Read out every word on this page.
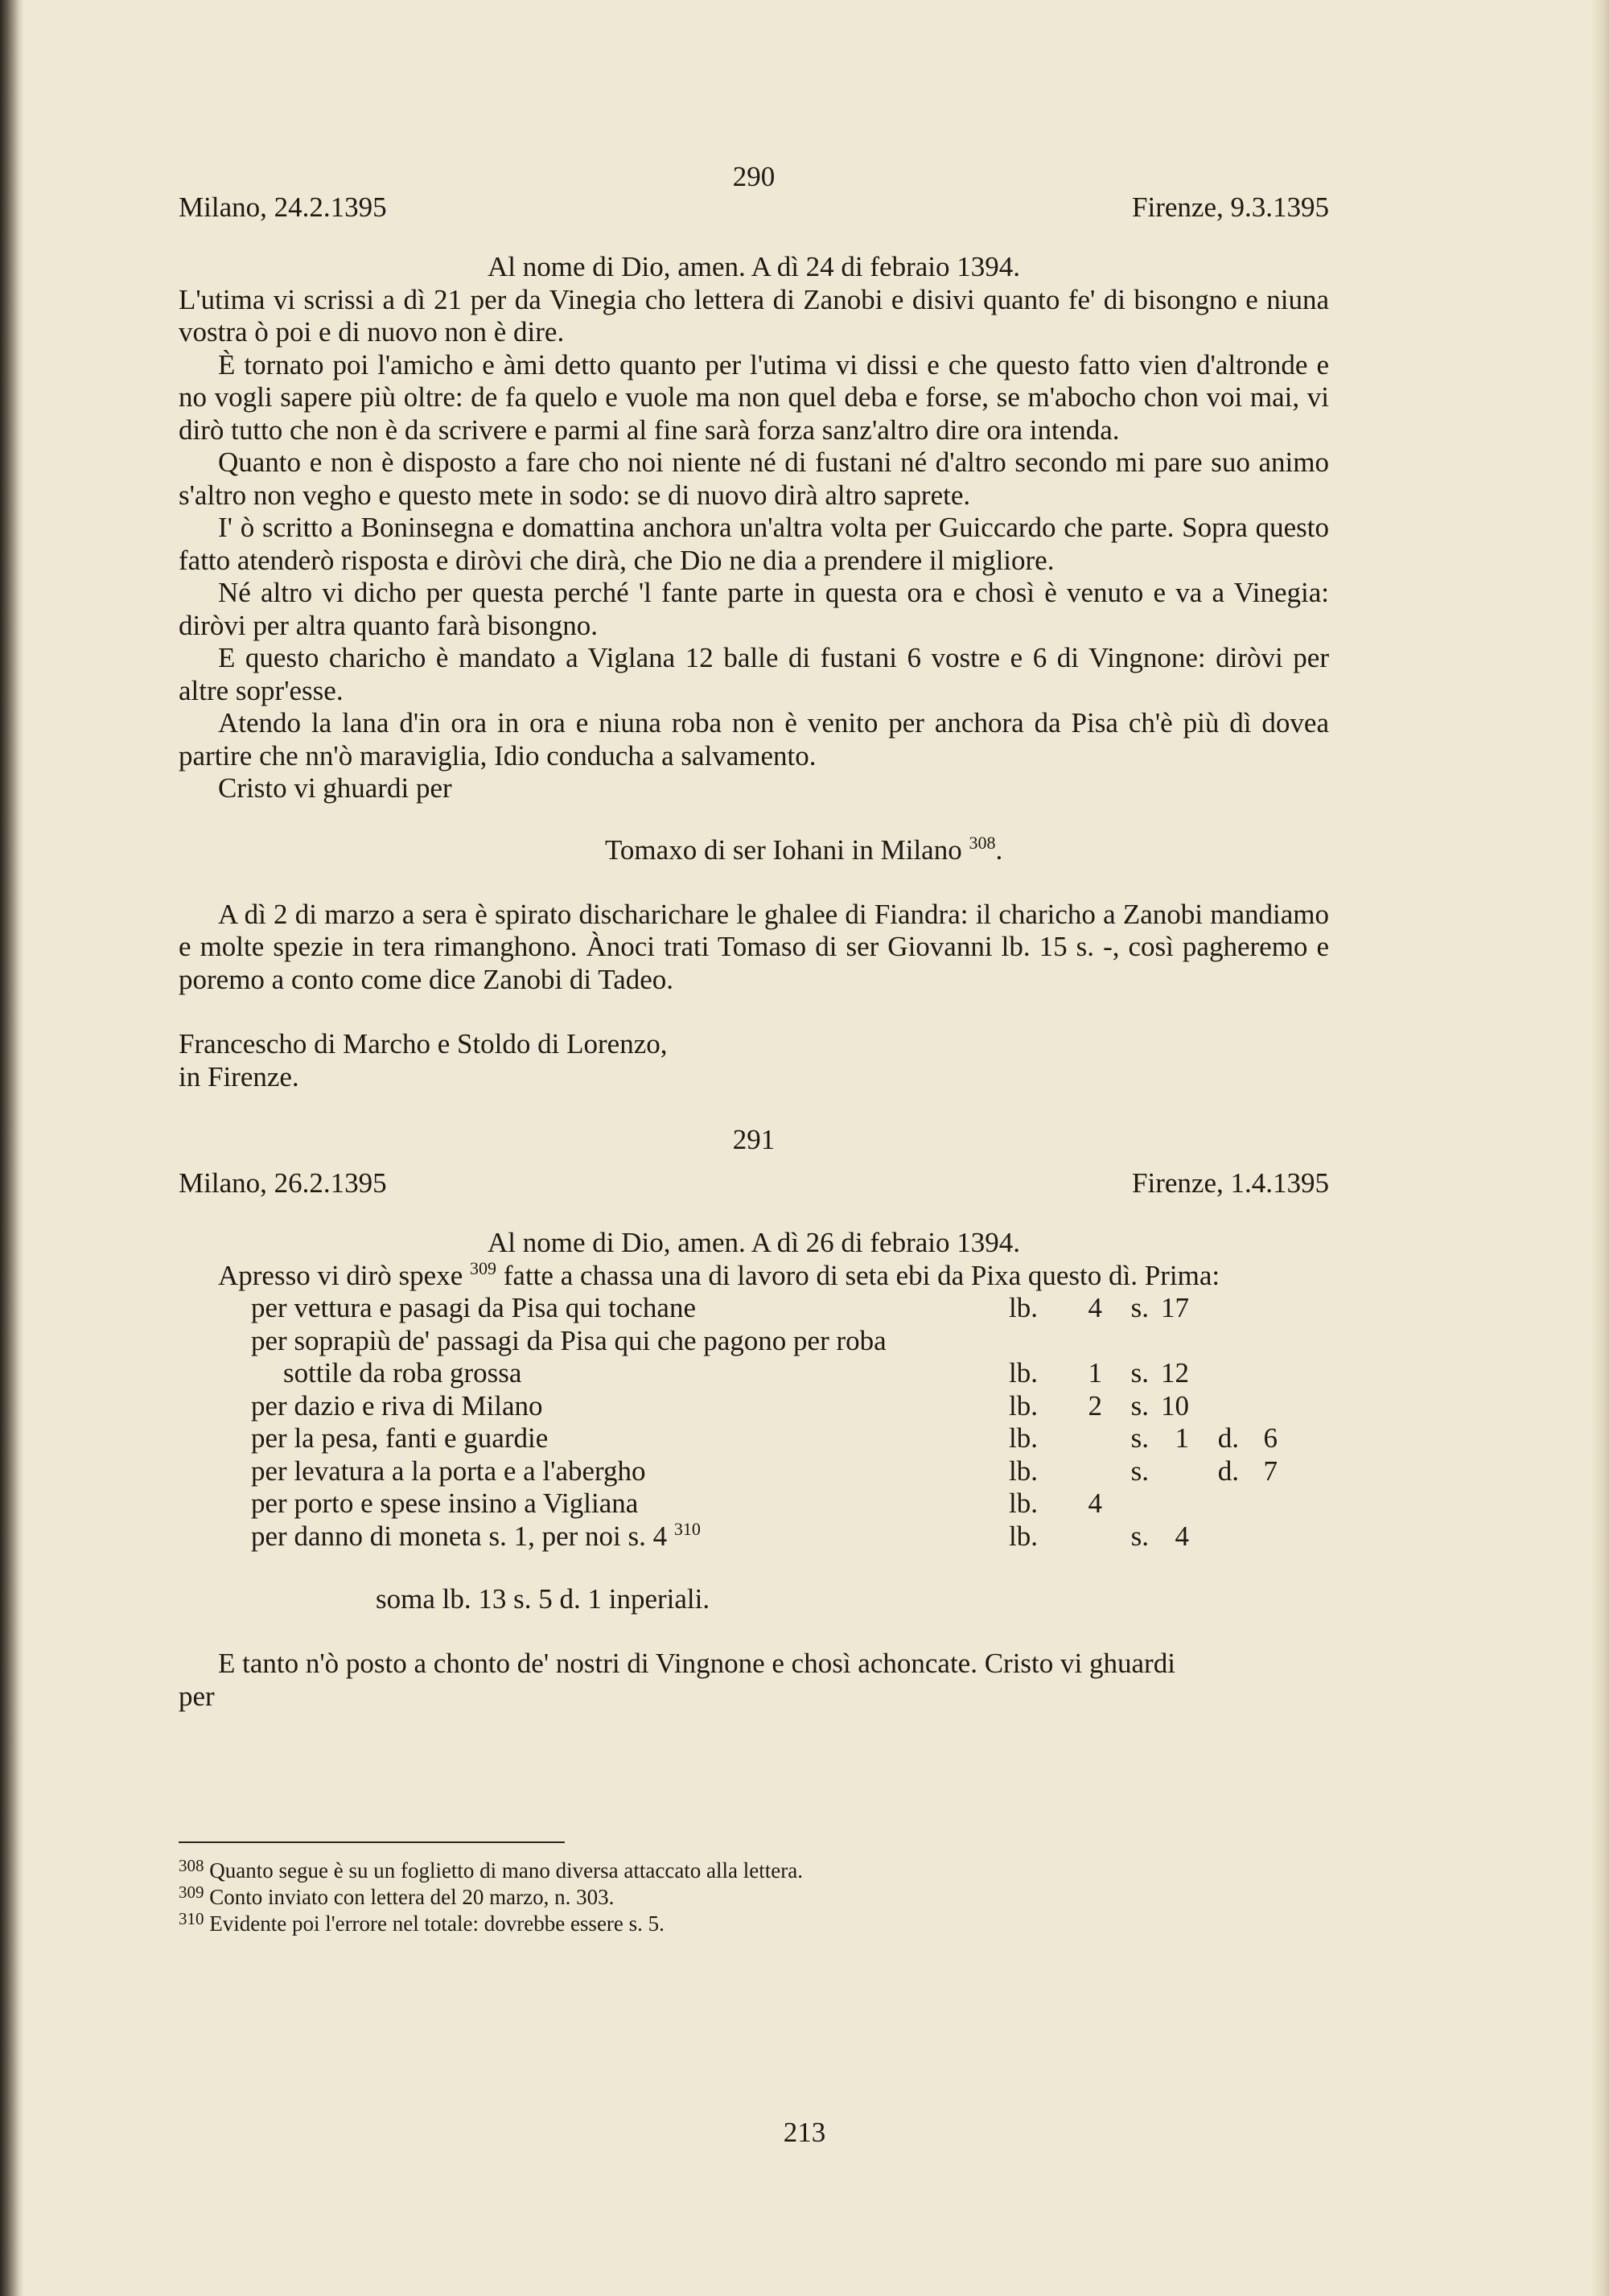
290
Milano, 24.2.1395	Firenze, 9.3.1395

Al nome di Dio, amen. A dì 24 di febraio 1394.

L'utima vi scrissi a dì 21 per da Vinegia cho lettera di Zanobi e disivi quanto fe' di bisongno e niuna vostra ò poi e di nuovo non è dire.

È tornato poi l'amicho e àmi detto quanto per l'utima vi dissi e che questo fatto vien d'altronde e no vogli sapere più oltre: de fa quelo e vuole ma non quel deba e forse, se m'abocho chon voi mai, vi dirò tutto che non è da scrivere e parmi al fine sarà forza sanz'altro dire ora intenda.

Quanto e non è disposto a fare cho noi niente né di fustani né d'altro secondo mi pare suo animo s'altro non vegho e questo mete in sodo: se di nuovo dirà altro saprete.

I' ò scritto a Boninsegna e domattina anchora un'altra volta per Guiccardo che parte. Sopra questo fatto atenderò risposta e diròvi che dirà, che Dio ne dia a prendere il migliore.

Né altro vi dicho per questa perché 'l fante parte in questa ora e chosì è venuto e va a Vinegia: diròvi per altra quanto farà bisongno.

E questo charicho è mandato a Viglana 12 balle di fustani 6 vostre e 6 di Vingnone: diròvi per altre sopr'esse.

Atendo la lana d'in ora in ora e niuna roba non è venito per anchora da Pisa ch'è più dì dovea partire che nn'ò maraviglia, Idio conducha a salvamento.

Cristo vi ghuardi per

Tomaxo di ser Iohani in Milano $^{308}$.

A dì 2 di marzo a sera è spirato discharichare le ghalee di Fiandra: il charicho a Zanobi mandiamo e molte spezie in tera rimanghono. Ànoci trati Tomaso di ser Giovanni lb. 15 s. -, così pagheremo e poremo a conto come dice Zanobi di Tadeo.

Francescho di Marcho e Stoldo di Lorenzo,
in Firenze.
291
Milano, 26.2.1395	Firenze, 1.4.1395

Al nome di Dio, amen. A dì 26 di febraio 1394.

Apresso vi dirò spexe $^{309}$ fatte a chassa una di lavoro di seta ebi da Pixa questo dì. Prima:

per vettura e pasagi da Pisa qui tochane	lb.	4	s. 17
per soprapiù de' passagi da Pisa qui che pagono per roba
sottile da roba grossa	lb.	1	s. 12
per dazio e riva di Milano	lb.	2	s. 10
per la pesa, fanti e guardie	lb.	s. 1	d. 6
per levatura a la porta e a l'abergho	lb.	s.	d. 7
per porto e spese insino a Vigliana	lb.	4
per danno di moneta s. 1, per noi s. 4 $^{310}$	lb.	s. 4
soma lb. 13 s. 5 d. 1 inperiali.
E tanto n'ò posto a chonto de' nostri di Vingnone e chosì achoncate. Cristo vi ghuardi
per

$^{308}$ Quanto segue è su un foglietto di mano diversa attaccato alla lettera.

$^{309}$ Conto inviato con lettera del 20 marzo, n. 303.

$^{310}$ Evidente poi l'errore nel totale: dovrebbe essere s. 5.

213
